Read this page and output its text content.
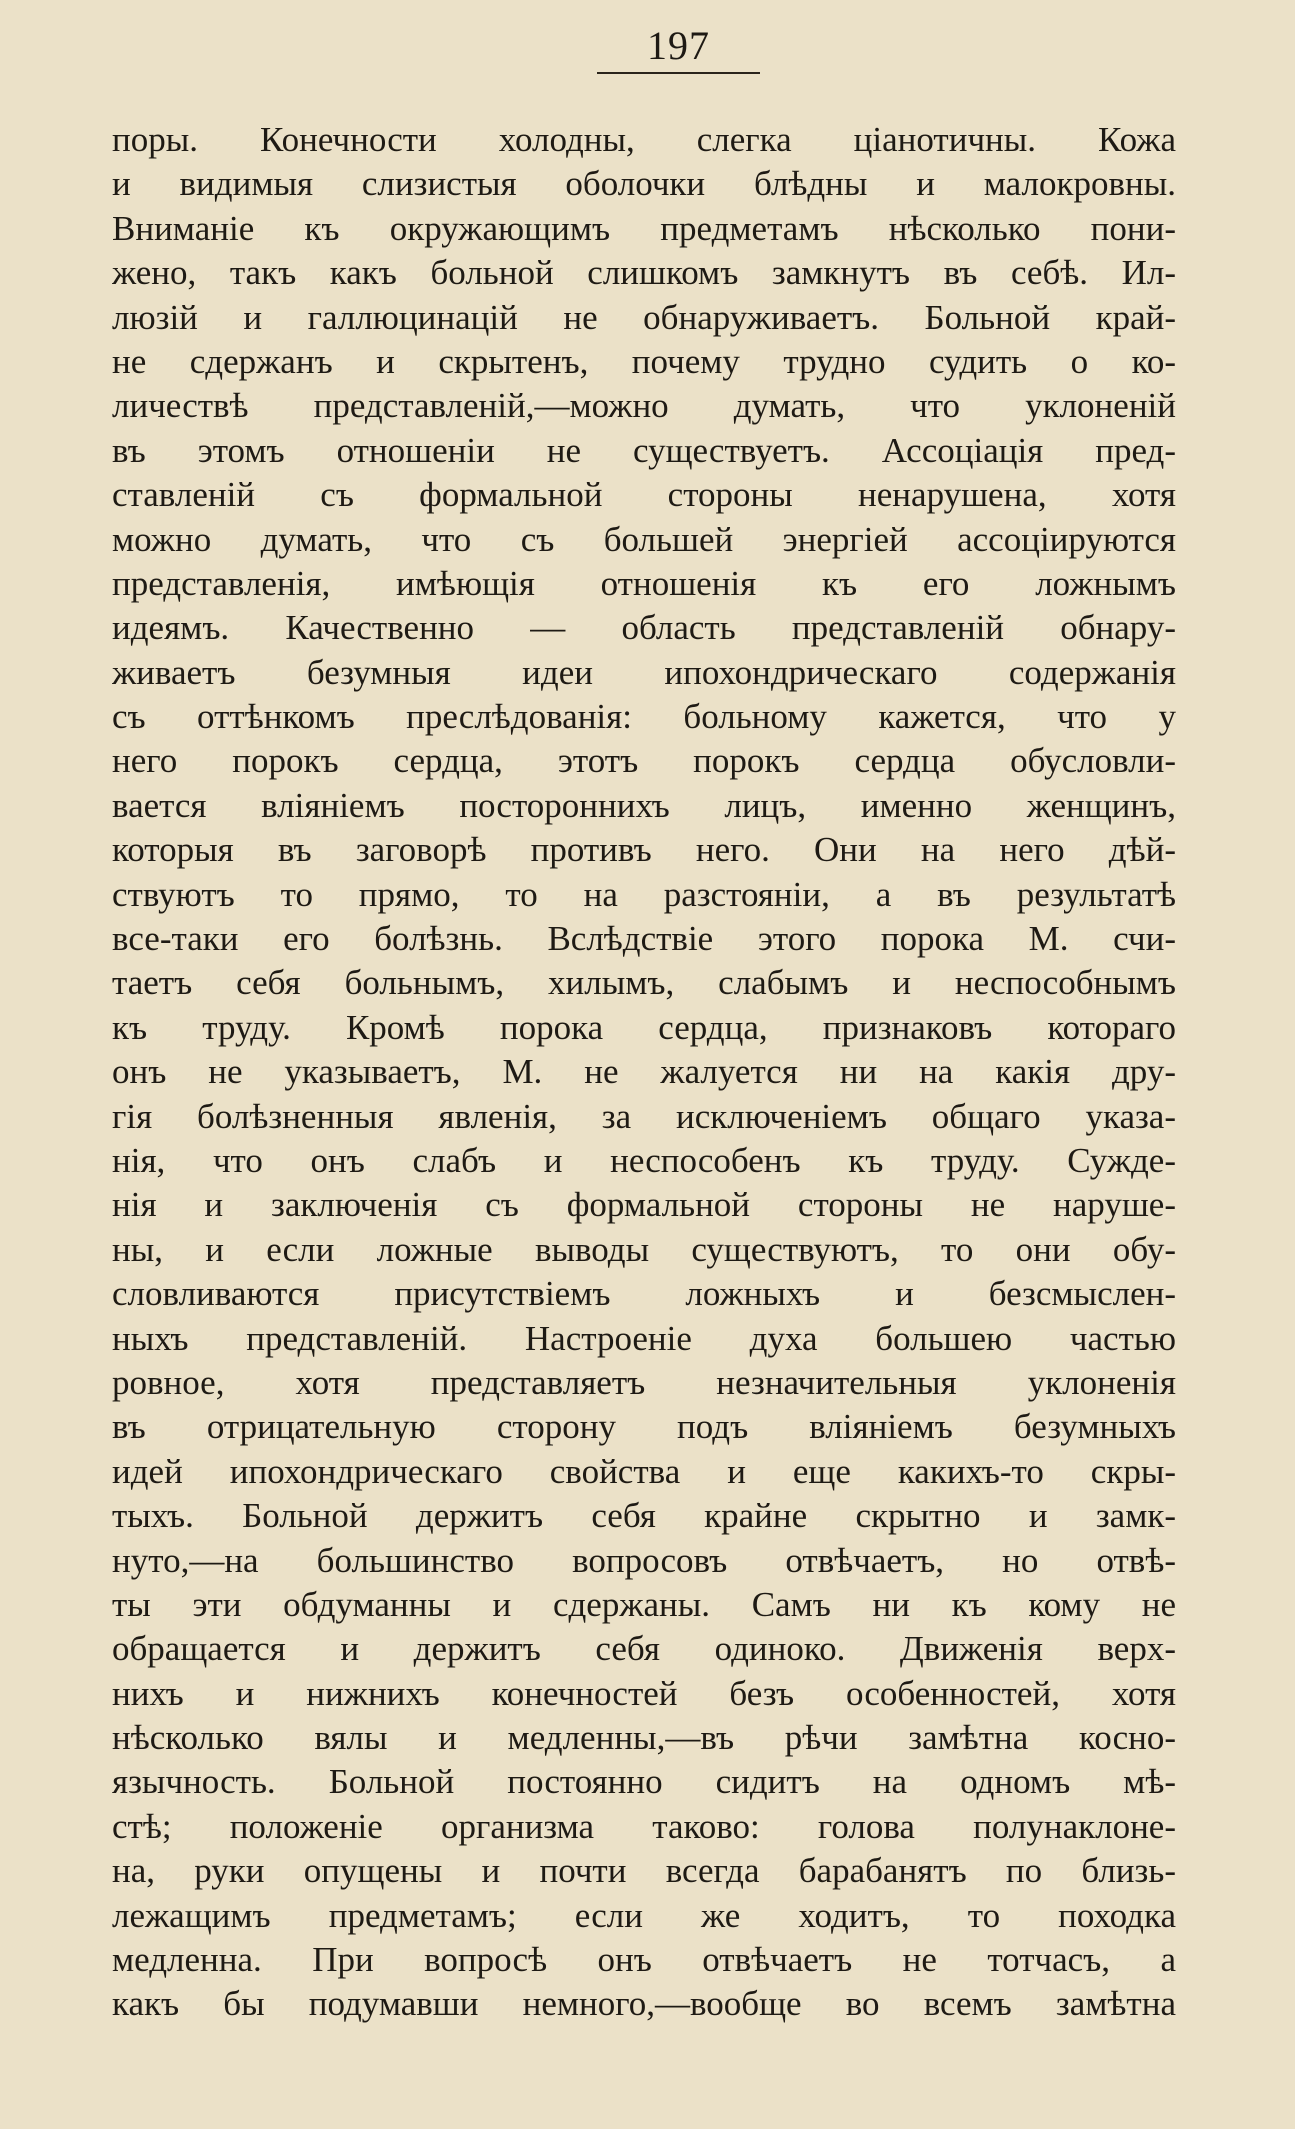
197
поры. Конечности холодны, слегка ціанотичны. Кожа
и видимыя слизистыя оболочки блѣдны и малокровны.
Вниманіе къ окружающимъ предметамъ нѣсколько пони-
жено, такъ какъ больной слишкомъ замкнутъ въ себѣ. Ил-
люзій и галлюцинацій не обнаруживаетъ. Больной край-
не сдержанъ и скрытенъ, почему трудно судить о ко-
личествѣ представленій,—можно думать, что уклоненій
въ этомъ отношеніи не существуетъ. Ассоціація пред-
ставленій съ формальной стороны ненарушена, хотя
можно думать, что съ большей энергіей ассоціируются
представленія, имѣющія отношенія къ его ложнымъ
идеямъ. Качественно — область представленій обнару-
живаетъ безумныя идеи ипохондрическаго содержанія
съ оттѣнкомъ преслѣдованія: больному кажется, что у
него порокъ сердца, этотъ порокъ сердца обусловли-
вается вліяніемъ постороннихъ лицъ, именно женщинъ,
которыя въ заговорѣ противъ него. Они на него дѣй-
ствуютъ то прямо, то на разстояніи, а въ результатѣ
все-таки его болѣзнь. Вслѣдствіе этого порока М. счи-
таетъ себя больнымъ, хилымъ, слабымъ и неспособнымъ
къ труду. Кромѣ порока сердца, признаковъ котораго
онъ не указываетъ, М. не жалуется ни на какія дру-
гія болѣзненныя явленія, за исключеніемъ общаго указа-
нія, что онъ слабъ и неспособенъ къ труду. Сужде-
нія и заключенія съ формальной стороны не наруше-
ны, и если ложные выводы существуютъ, то они обу-
словливаются присутствіемъ ложныхъ и безсмыслен-
ныхъ представленій. Настроеніе духа большею частью
ровное, хотя представляетъ незначительныя уклоненія
въ отрицательную сторону подъ вліяніемъ безумныхъ
идей ипохондрическаго свойства и еще какихъ-то скры-
тыхъ. Больной держитъ себя крайне скрытно и замк-
нуто,—на большинство вопросовъ отвѣчаетъ, но отвѣ-
ты эти обдуманны и сдержаны. Самъ ни къ кому не
обращается и держитъ себя одиноко. Движенія верх-
нихъ и нижнихъ конечностей безъ особенностей, хотя
нѣсколько вялы и медленны,—въ рѣчи замѣтна косно-
язычность. Больной постоянно сидитъ на одномъ мѣ-
стѣ; положеніе организма таково: голова полунаклоне-
на, руки опущены и почти всегда барабанятъ по близь-
лежащимъ предметамъ; если же ходитъ, то походка
медленна. При вопросѣ онъ отвѣчаетъ не тотчасъ, а
какъ бы подумавши немного,—вообще во всемъ замѣтна
